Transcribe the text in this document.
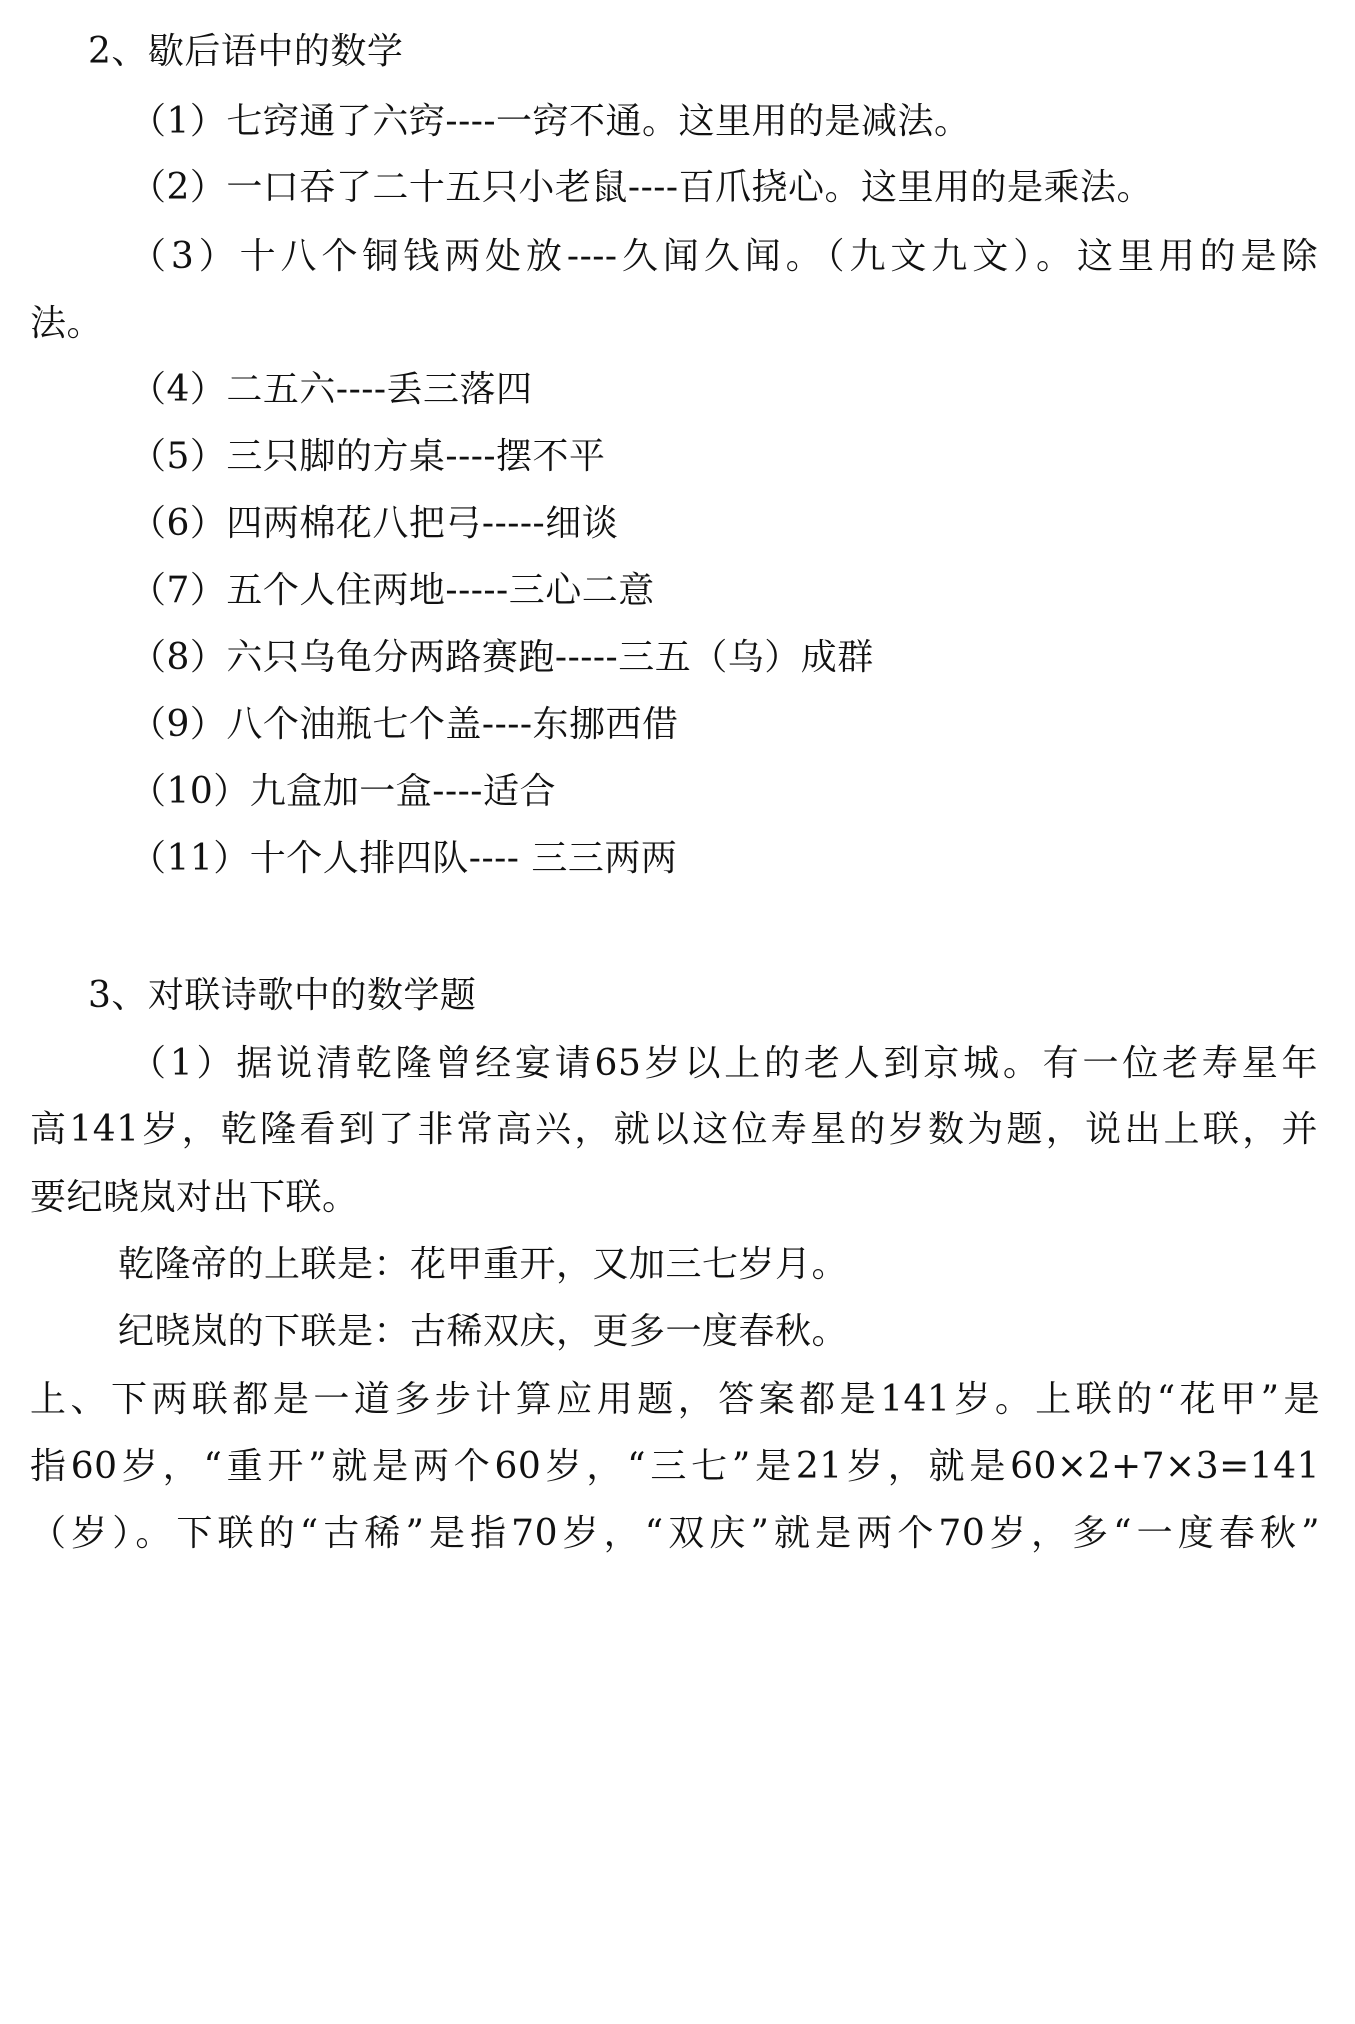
2、歇后语中的数学
（1）七窍通了六窍----一窍不通。这里用的是减法。
（2）一口吞了二十五只小老鼠----百爪挠心。这里用的是乘法。
（3）十八个铜钱两处放----久闻久闻。（九文九文）。这里用的是除
法。
（4）二五六----丢三落四
（5）三只脚的方桌----摆不平
（6）四两棉花八把弓-----细谈
（7）五个人住两地-----三心二意
（8）六只乌龟分两路赛跑-----三五（乌）成群
（9）八个油瓶七个盖----东挪西借
（10）九盒加一盒----适合
（11）十个人排四队---- 三三两两
3、对联诗歌中的数学题
（1）据说清乾隆曾经宴请65岁以上的老人到京城。有一位老寿星年
高141岁，乾隆看到了非常高兴，就以这位寿星的岁数为题，说出上联，并
要纪晓岚对出下联。
乾隆帝的上联是：花甲重开，又加三七岁月。
纪晓岚的下联是：古稀双庆，更多一度春秋。
上、下两联都是一道多步计算应用题，答案都是141岁。上联的“花甲”是
指60岁，“重开”就是两个60岁，“三七”是21岁，就是60×2+7×3=141
（岁）。下联的“古稀”是指70岁，“双庆”就是两个70岁，多“一度春秋”
